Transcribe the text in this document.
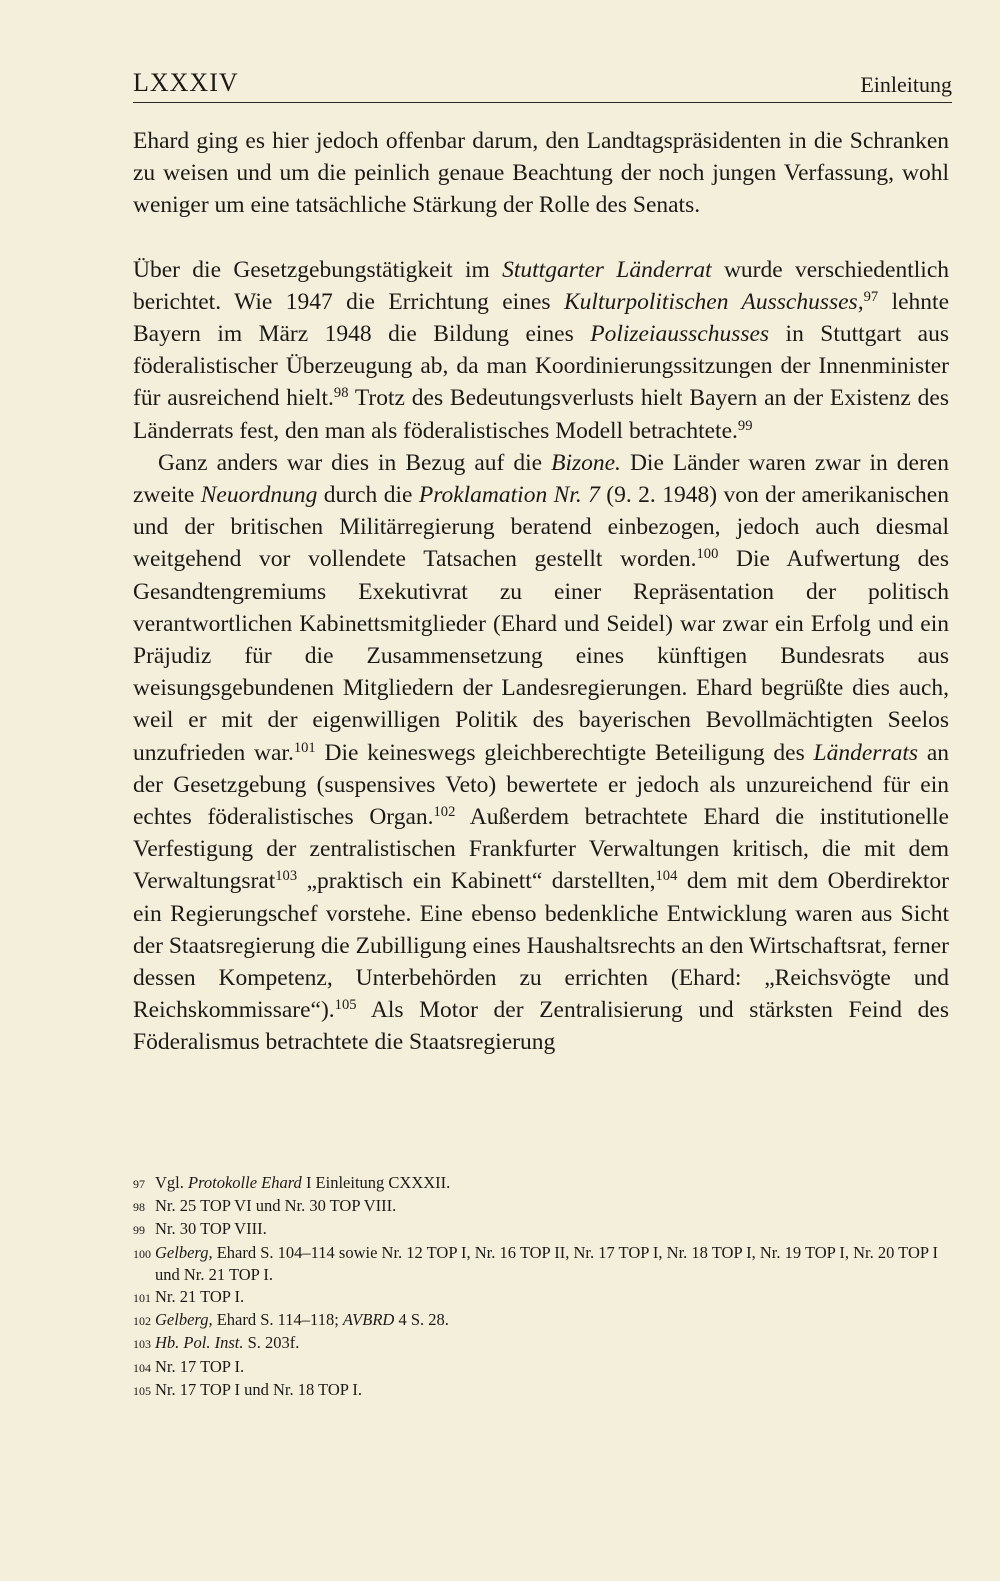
LXXXIV	Einleitung

Ehard ging es hier jedoch offenbar darum, den Landtagspräsidenten in die Schranken zu weisen und um die peinlich genaue Beachtung der noch jungen Verfassung, wohl weniger um eine tatsächliche Stärkung der Rolle des Senats.

Über die Gesetzgebungstätigkeit im Stuttgarter Länderrat wurde verschiedentlich berichtet. Wie 1947 die Errichtung eines Kulturpolitischen Ausschusses,$^{97}$ lehnte Bayern im März 1948 die Bildung eines Polizeiausschusses in Stuttgart aus föderalistischer Überzeugung ab, da man Koordinierungssitzungen der Innenminister für ausreichend hielt.$^{98}$ Trotz des Bedeutungsverlusts hielt Bayern an der Existenz des Länderrats fest, den man als föderalistisches Modell betrachtete.$^{99}$

Ganz anders war dies in Bezug auf die Bizone. Die Länder waren zwar in deren zweite Neuordnung durch die Proklamation Nr. 7 (9. 2. 1948) von der amerikanischen und der britischen Militärregierung beratend einbezogen, jedoch auch diesmal weitgehend vor vollendete Tatsachen gestellt worden.$^{100}$ Die Aufwertung des Gesandtengremiums Exekutivrat zu einer Repräsentation der politisch verantwortlichen Kabinettsmitglieder (Ehard und Seidel) war zwar ein Erfolg und ein Präjudiz für die Zusammensetzung eines künftigen Bundesrats aus weisungsgebundenen Mitgliedern der Landesregierungen. Ehard begrüßte dies auch, weil er mit der eigenwilligen Politik des bayerischen Bevollmächtigten Seelos unzufrieden war.$^{101}$ Die keineswegs gleichberechtigte Beteiligung des Länderrats an der Gesetzgebung (suspensives Veto) bewertete er jedoch als unzureichend für ein echtes föderalistisches Organ.$^{102}$ Außerdem betrachtete Ehard die institutionelle Verfestigung der zentralistischen Frankfurter Verwaltungen kritisch, die mit dem Verwaltungsrat$^{103}$ „praktisch ein Kabinett“ darstellten,$^{104}$ dem mit dem Oberdirektor ein Regierungschef vorstehe. Eine ebenso bedenkliche Entwicklung waren aus Sicht der Staatsregierung die Zubilligung eines Haushaltsrechts an den Wirtschaftsrat, ferner dessen Kompetenz, Unterbehörden zu errichten (Ehard: „Reichsvögte und Reichskommissare“).$^{105}$ Als Motor der Zentralisierung und stärksten Feind des Föderalismus betrachtete die Staatsregierung

97 Vgl. Protokolle Ehard I Einleitung CXXXII.
98 Nr. 25 TOP VI und Nr. 30 TOP VIII.
99 Nr. 30 TOP VIII.
100 Gelberg, Ehard S. 104–114 sowie Nr. 12 TOP I, Nr. 16 TOP II, Nr. 17 TOP I, Nr. 18 TOP I, Nr. 19 TOP I, Nr. 20 TOP I und Nr. 21 TOP I.
101 Nr. 21 TOP I.
102 Gelberg, Ehard S. 114–118; AVBRD 4 S. 28.
103 Hb. Pol. Inst. S. 203f.
104 Nr. 17 TOP I.
105 Nr. 17 TOP I und Nr. 18 TOP I.
